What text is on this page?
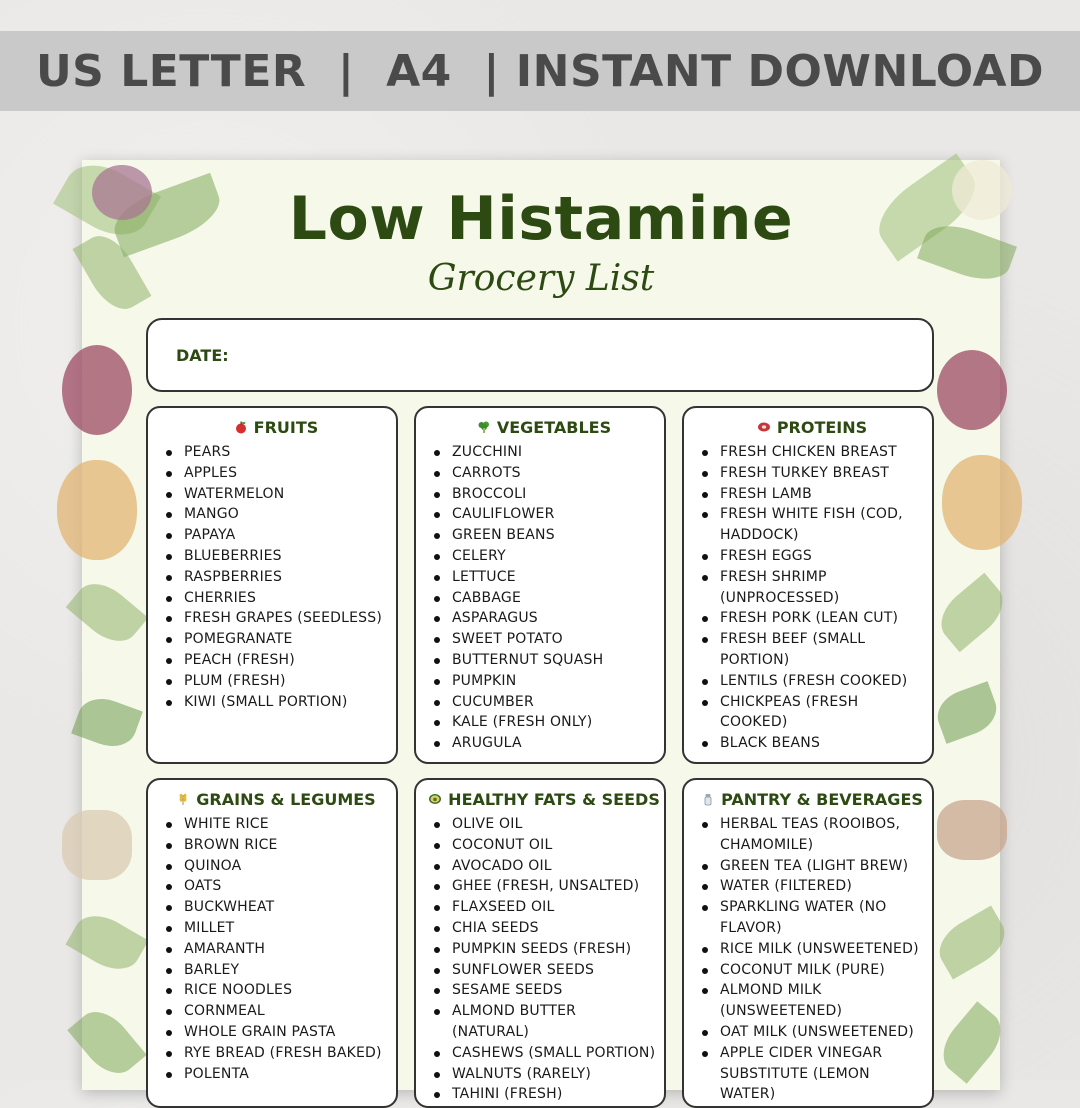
US LETTER  |  A4  | INSTANT DOWNLOAD
Low Histamine
Grocery List
DATE:
FRUITS
PEARS
APPLES
WATERMELON
MANGO
PAPAYA
BLUEBERRIES
RASPBERRIES
CHERRIES
FRESH GRAPES (SEEDLESS)
POMEGRANATE
PEACH (FRESH)
PLUM (FRESH)
KIWI (SMALL PORTION)
VEGETABLES
ZUCCHINI
CARROTS
BROCCOLI
CAULIFLOWER
GREEN BEANS
CELERY
LETTUCE
CABBAGE
ASPARAGUS
SWEET POTATO
BUTTERNUT SQUASH
PUMPKIN
CUCUMBER
KALE (FRESH ONLY)
ARUGULA
PROTEINS
FRESH CHICKEN BREAST
FRESH TURKEY BREAST
FRESH LAMB
FRESH WHITE FISH (COD, HADDOCK)
FRESH EGGS
FRESH SHRIMP (UNPROCESSED)
FRESH PORK (LEAN CUT)
FRESH BEEF (SMALL PORTION)
LENTILS (FRESH COOKED)
CHICKPEAS (FRESH COOKED)
BLACK BEANS
GRAINS & LEGUMES
WHITE RICE
BROWN RICE
QUINOA
OATS
BUCKWHEAT
MILLET
AMARANTH
BARLEY
RICE NOODLES
CORNMEAL
WHOLE GRAIN PASTA
RYE BREAD (FRESH BAKED)
POLENTA
HEALTHY FATS & SEEDS
OLIVE OIL
COCONUT OIL
AVOCADO OIL
GHEE (FRESH, UNSALTED)
FLAXSEED OIL
CHIA SEEDS
PUMPKIN SEEDS (FRESH)
SUNFLOWER SEEDS
SESAME SEEDS
ALMOND BUTTER (NATURAL)
CASHEWS (SMALL PORTION)
WALNUTS (RARELY)
TAHINI (FRESH)
PANTRY & BEVERAGES
HERBAL TEAS (ROOIBOS, CHAMOMILE)
GREEN TEA (LIGHT BREW)
WATER (FILTERED)
SPARKLING WATER (NO FLAVOR)
RICE MILK (UNSWEETENED)
COCONUT MILK (PURE)
ALMOND MILK (UNSWEETENED)
OAT MILK (UNSWEETENED)
APPLE CIDER VINEGAR SUBSTITUTE (LEMON WATER)
